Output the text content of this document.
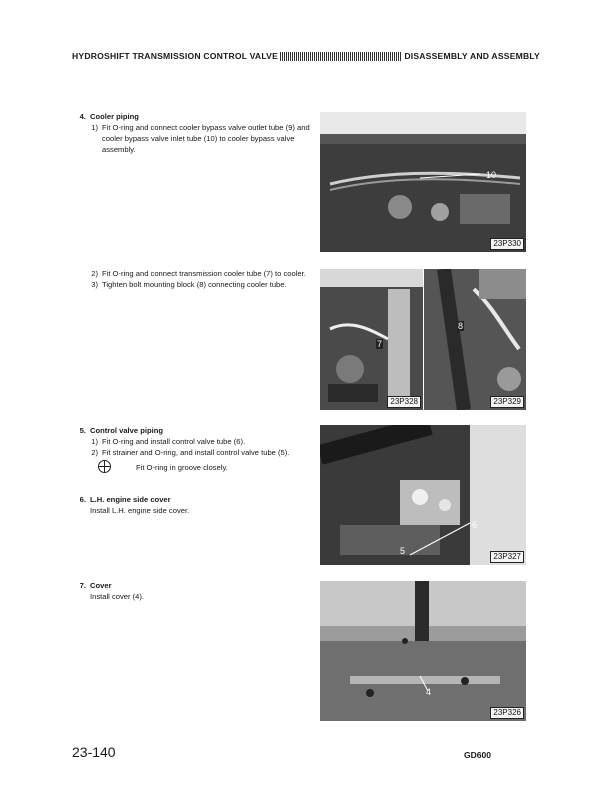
HYDROSHIFT TRANSMISSION CONTROL VALVE	DISASSEMBLY AND ASSEMBLY
4. Cooler piping
1) Fit O-ring and connect cooler bypass valve outlet tube (9) and cooler bypass valve inlet tube (10) to cooler bypass valve assembly.
2) Fit O-ring and connect transmission cooler tube (7) to cooler.
3) Tighten bolt mounting block (8) connecting cooler tube.
5. Control valve piping
1) Fit O-ring and install control valve tube (6).
2) Fit strainer and O-ring, and install control valve tube (5).
Fit O-ring in groove closely.
6. L.H. engine side cover
Install L.H. engine side cover.
7. Cover
Install cover (4).
10
23P330
7
23P328
8
23P329
6
5
23P327
4
23P326
23-140	GD600
